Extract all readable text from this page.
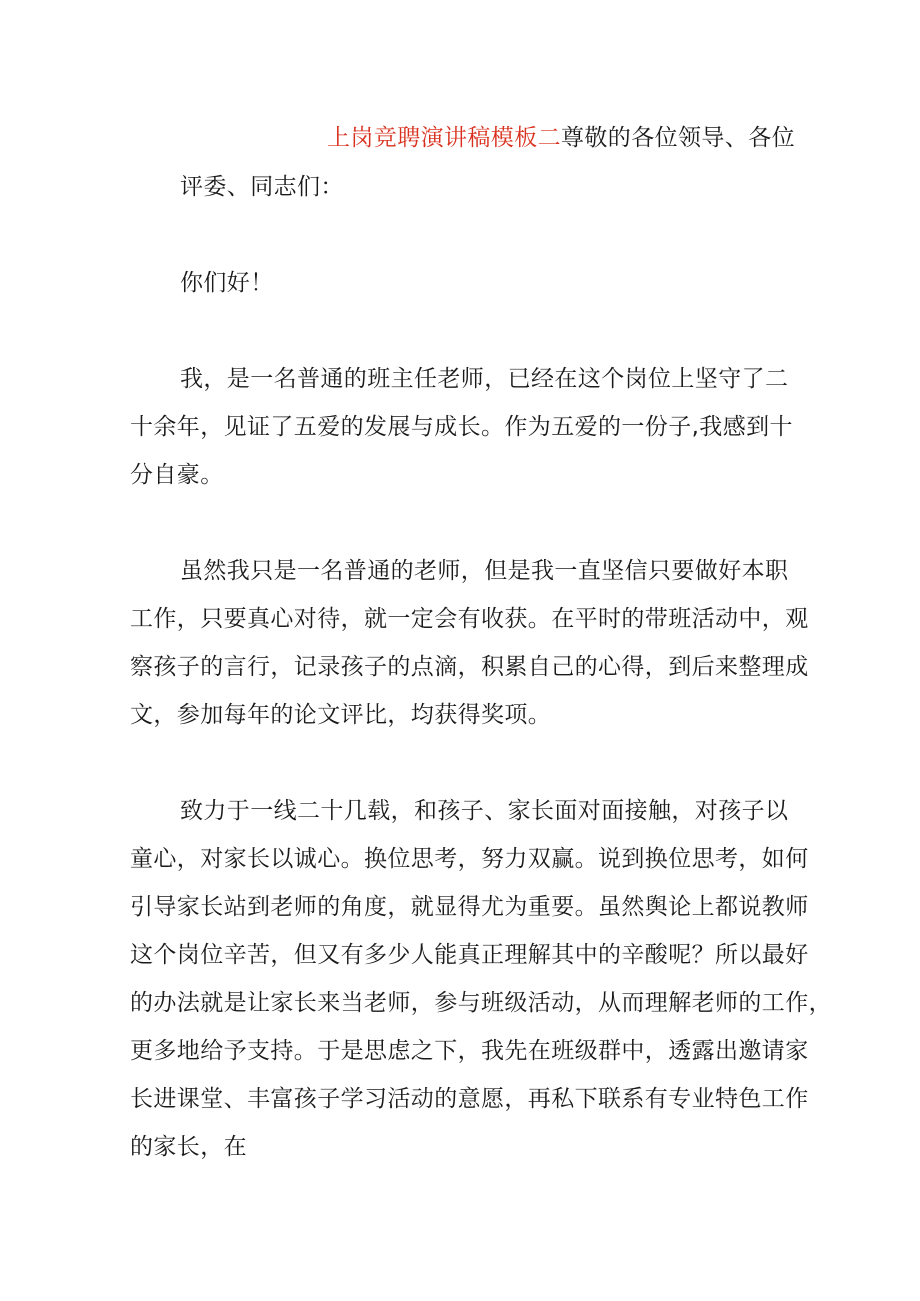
上岗竞聘演讲稿模板二尊敬的各位领导、各位
评委、同志们：
你们好！
我，是一名普通的班主任老师，已经在这个岗位上坚守了二
十余年，见证了五爱的发展与成长。作为五爱的一份子,我感到十
分自豪。
虽然我只是一名普通的老师，但是我一直坚信只要做好本职
工作，只要真心对待，就一定会有收获。在平时的带班活动中，观
察孩子的言行，记录孩子的点滴，积累自己的心得，到后来整理成
文，参加每年的论文评比，均获得奖项。
致力于一线二十几载，和孩子、家长面对面接触，对孩子以
童心，对家长以诚心。换位思考，努力双赢。说到换位思考，如何
引导家长站到老师的角度，就显得尤为重要。虽然舆论上都说教师
这个岗位辛苦，但又有多少人能真正理解其中的辛酸呢？所以最好
的办法就是让家长来当老师，参与班级活动，从而理解老师的工作，
更多地给予支持。于是思虑之下，我先在班级群中，透露出邀请家
长进课堂、丰富孩子学习活动的意愿，再私下联系有专业特色工作
的家长，在
